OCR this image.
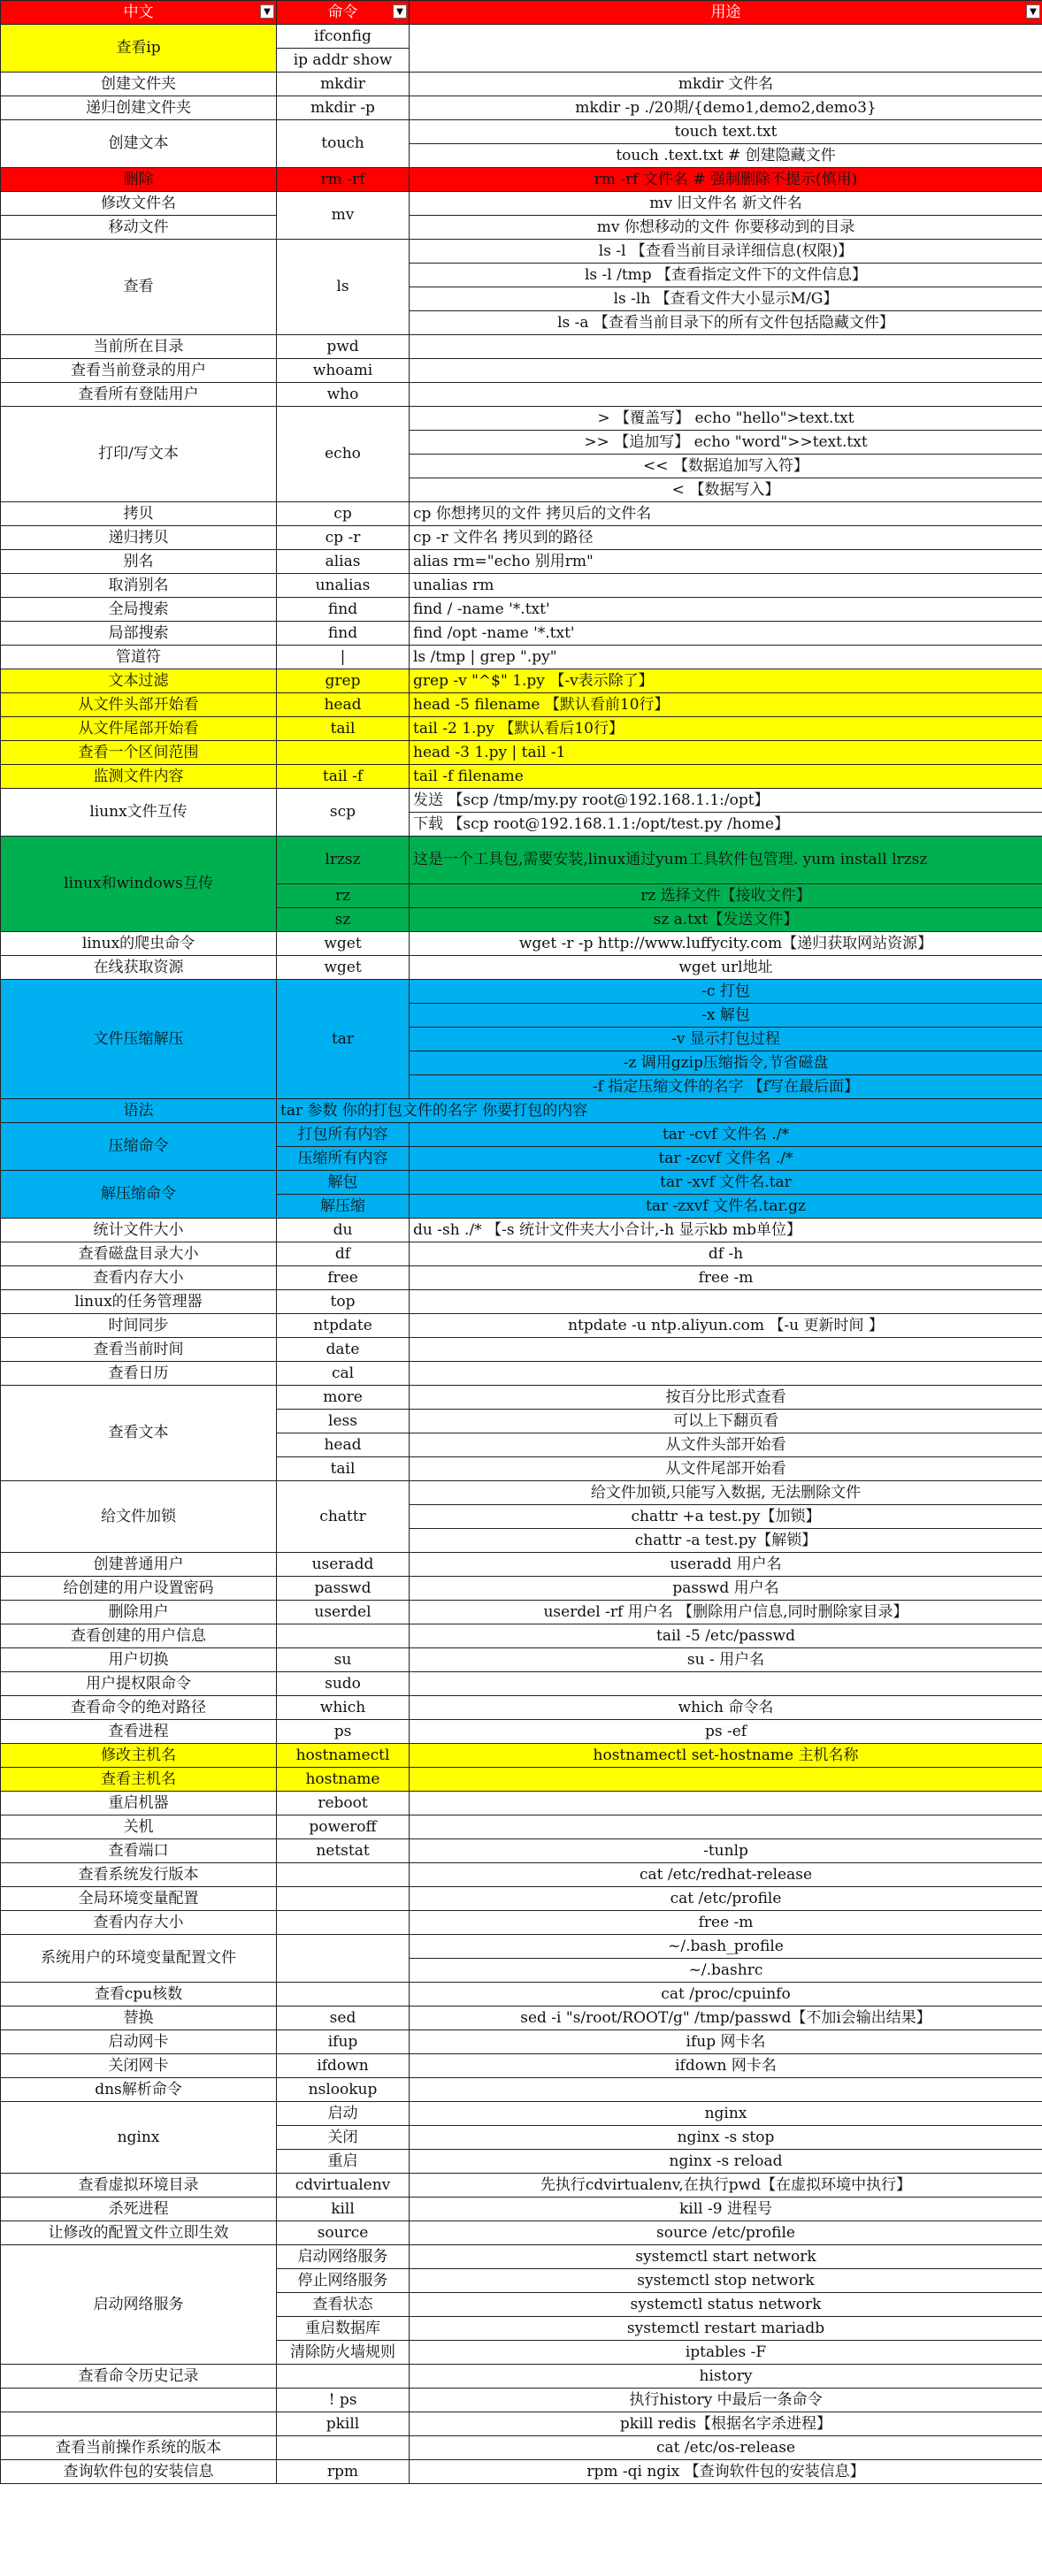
中文 ▼	命令 ▼	用途 ▼

查看ip	ifconfig	
	ip addr show	
创建文件夹	mkdir	mkdir 文件名
递归创建文件夹	mkdir -p	mkdir -p ./20期/{demo1,demo2,demo3}
创建文本	touch	touch text.txt
		touch .text.txt # 创建隐藏文件
删除	rm -rf	rm -rf 文件名 # 强制删除不提示(慎用)
修改文件名	mv	mv 旧文件名 新文件名
移动文件		mv 你想移动的文件 你要移动到的目录
查看	ls	ls -l 【查看当前目录详细信息(权限)】
		ls -l /tmp 【查看指定文件下的文件信息】
		ls -lh 【查看文件大小显示M/G】
		ls -a 【查看当前目录下的所有文件包括隐藏文件】
当前所在目录	pwd	
查看当前登录的用户	whoami	
查看所有登陆用户	who	
打印/写文本	echo	> 【覆盖写】 echo "hello">text.txt
		>> 【追加写】 echo "word">>text.txt
		<< 【数据追加写入符】
		< 【数据写入】
拷贝	cp	cp 你想拷贝的文件 拷贝后的文件名
递归拷贝	cp -r	cp -r 文件名 拷贝到的路径
别名	alias	alias rm="echo 别用rm"
取消别名	unalias	unalias rm
全局搜索	find	find / -name '*.txt'
局部搜索	find	find /opt -name '*.txt'
管道符	|	ls /tmp | grep ".py"
文本过滤	grep	grep -v "^$" 1.py 【-v表示除了】
从文件头部开始看	head	head -5 filename 【默认看前10行】
从文件尾部开始看	tail	tail -2 1.py 【默认看后10行】
查看一个区间范围		head -3 1.py | tail -1
监测文件内容	tail -f	tail -f filename
liunx文件互传	scp	发送 【scp /tmp/my.py root@192.168.1.1:/opt】
		下载 【scp root@192.168.1.1:/opt/test.py /home】
linux和windows互传	lrzsz	这是一个工具包,需要安装,linux通过yum工具软件包管理. yum install lrzsz
	rz	rz 选择文件【接收文件】
	sz	sz a.txt【发送文件】
linux的爬虫命令	wget	wget -r -p http://www.luffycity.com【递归获取网站资源】
在线获取资源	wget	wget url地址
文件压缩解压	tar	-c 打包
		-x 解包
		-v 显示打包过程
		-z 调用gzip压缩指令,节省磁盘
		-f 指定压缩文件的名字 【f写在最后面】
语法	tar 参数 你的打包文件的名字 你要打包的内容	
压缩命令	打包所有内容	tar -cvf 文件名 ./*
	压缩所有内容	tar -zcvf 文件名 ./*
解压缩命令	解包	tar -xvf 文件名.tar
	解压缩	tar -zxvf 文件名.tar.gz
统计文件大小	du	du -sh ./* 【-s 统计文件夹大小合计,-h 显示kb mb单位】
查看磁盘目录大小	df	df -h
查看内存大小	free	free -m
linux的任务管理器	top	
时间同步	ntpdate	ntpdate -u ntp.aliyun.com 【-u 更新时间 】
查看当前时间	date	
查看日历	cal	
查看文本	more	按百分比形式查看
	less	可以上下翻页看
	head	从文件头部开始看
	tail	从文件尾部开始看
给文件加锁	chattr	给文件加锁,只能写入数据, 无法删除文件
		chattr +a test.py【加锁】
		chattr -a test.py【解锁】
创建普通用户	useradd	useradd 用户名
给创建的用户设置密码	passwd	passwd 用户名
删除用户	userdel	userdel -rf 用户名 【删除用户信息,同时删除家目录】
查看创建的用户信息		tail -5 /etc/passwd
用户切换	su	su - 用户名
用户提权限命令	sudo	
查看命令的绝对路径	which	which 命令名
查看进程	ps	ps -ef
修改主机名	hostnamectl	hostnamectl set-hostname 主机名称
查看主机名	hostname	
重启机器	reboot	
关机	poweroff	
查看端口	netstat	-tunlp
查看系统发行版本		cat /etc/redhat-release
全局环境变量配置		cat /etc/profile
查看内存大小		free -m
系统用户的环境变量配置文件		~/.bash_profile
		~/.bashrc
查看cpu核数		cat /proc/cpuinfo
替换	sed	sed -i "s/root/ROOT/g" /tmp/passwd【不加i会输出结果】
启动网卡	ifup	ifup 网卡名
关闭网卡	ifdown	ifdown 网卡名
dns解析命令	nslookup	
nginx	启动	nginx
	关闭	nginx -s stop
	重启	nginx -s reload
查看虚拟环境目录	cdvirtualenv	先执行cdvirtualenv,在执行pwd【在虚拟环境中执行】
杀死进程	kill	kill -9 进程号
让修改的配置文件立即生效	source	source /etc/profile
启动网络服务	启动网络服务	systemctl start network
	停止网络服务	systemctl stop network
	查看状态	systemctl status network
	重启数据库	systemctl restart mariadb
	清除防火墙规则	iptables -F
查看命令历史记录		history
	! ps	执行history 中最后一条命令
	pkill	pkill redis【根据名字杀进程】
查看当前操作系统的版本		cat /etc/os-release
查询软件包的安装信息	rpm	rpm -qi ngix 【查询软件包的安装信息】
